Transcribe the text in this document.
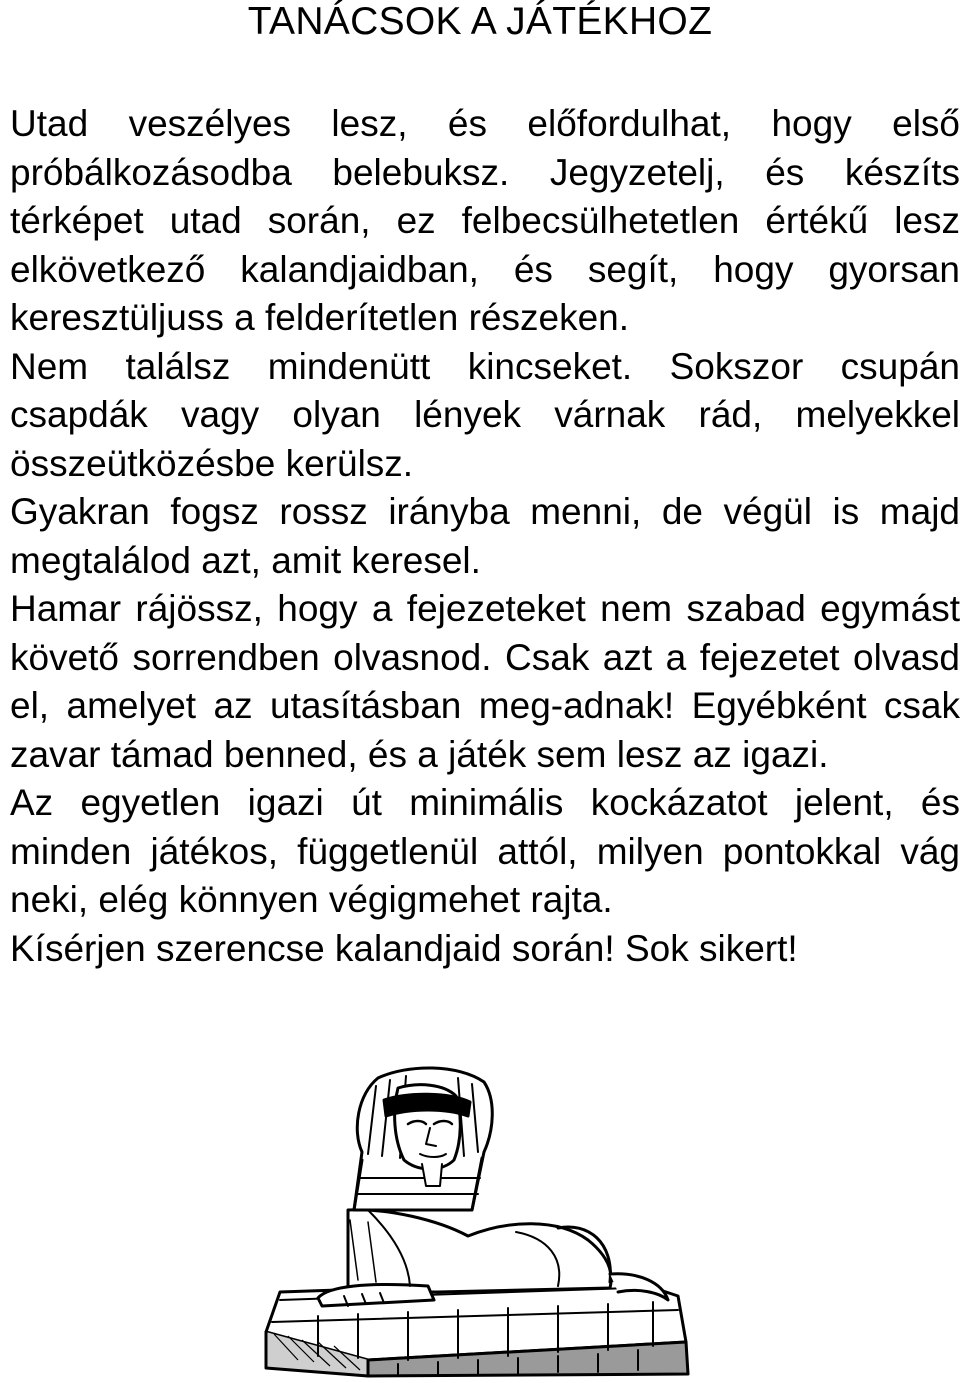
TANÁCSOK A JÁTÉKHOZ

Utad veszélyes lesz, és előfordulhat, hogy első próbálkozásodba belebuksz. Jegyzetelj, és készíts térképet utad során, ez felbecsülhetetlen értékű lesz elkövetkező kalandjaidban, és segít, hogy gyorsan keresztüljuss a felderítetlen részeken.

Nem találsz mindenütt kincseket. Sokszor csupán csapdák vagy olyan lények várnak rád, melyekkel összeütközésbe kerülsz.

Gyakran fogsz rossz irányba menni, de végül is majd megtalálod azt, amit keresel.

Hamar rájössz, hogy a fejezeteket nem szabad egymást követő sorrendben olvasnod. Csak azt a fejezetet olvasd el, amelyet az utasításban meg-adnak! Egyébként csak zavar támad benned, és a játék sem lesz az igazi.

Az egyetlen igazi út minimális kockázatot jelent, és minden játékos, függetlenül attól, milyen pontokkal vág neki, elég könnyen végigmehet rajta.

Kísérjen szerencse kalandjaid során! Sok sikert!
